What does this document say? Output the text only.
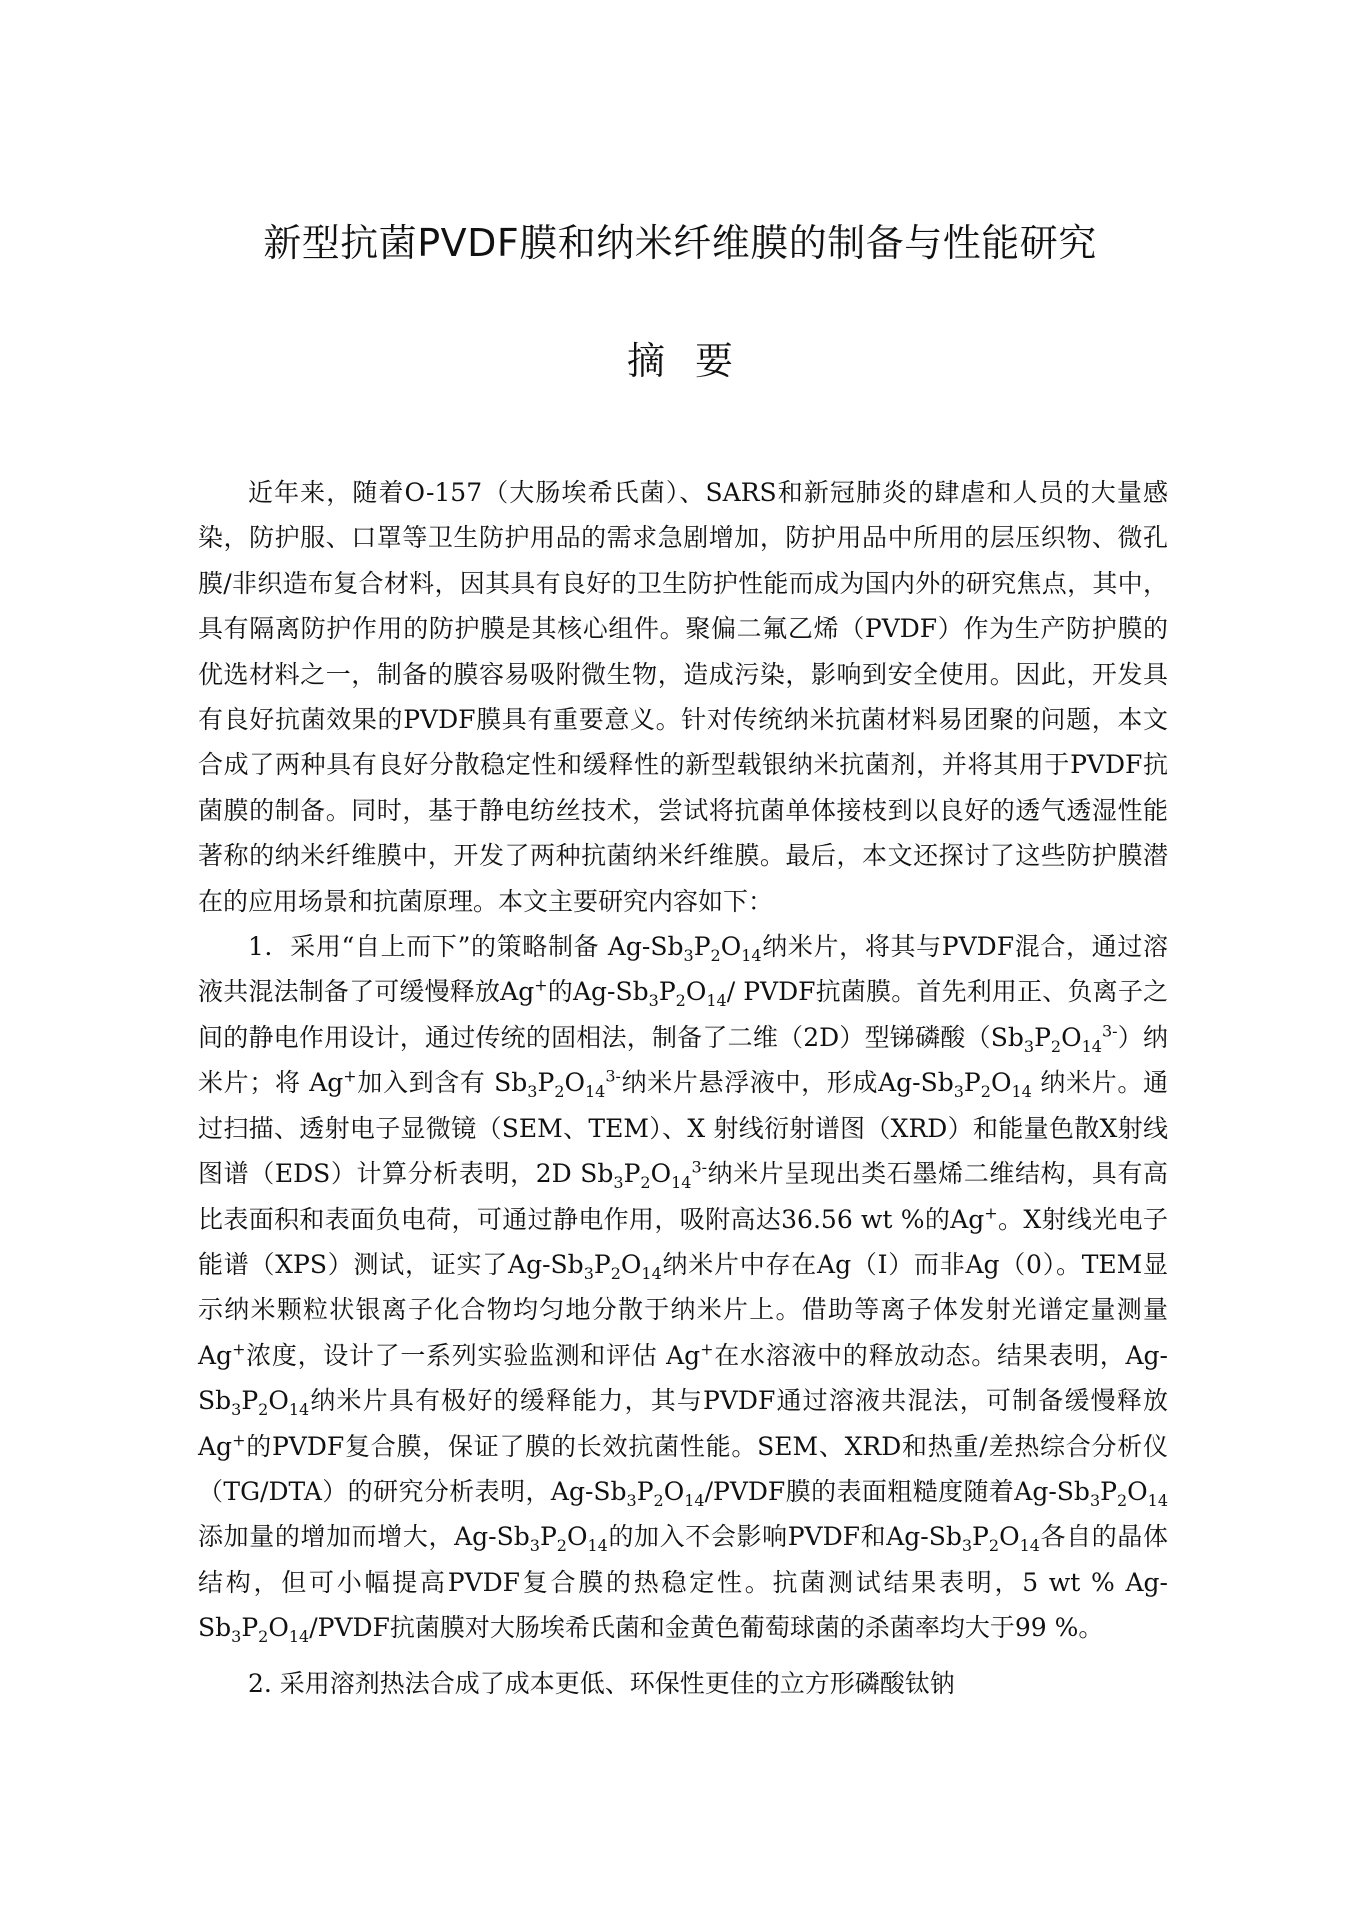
新型抗菌PVDF膜和纳米纤维膜的制备与性能研究
摘要

近年来，随着O-157（大肠埃希氏菌）、SARS和新冠肺炎的肆虐和人员的大量感染，防护服、口罩等卫生防护用品的需求急剧增加，防护用品中所用的层压织物、微孔膜/非织造布复合材料，因其具有良好的卫生防护性能而成为国内外的研究焦点，其中，具有隔离防护作用的防护膜是其核心组件。聚偏二氟乙烯（PVDF）作为生产防护膜的优选材料之一，制备的膜容易吸附微生物，造成污染，影响到安全使用。因此，开发具有良好抗菌效果的PVDF膜具有重要意义。针对传统纳米抗菌材料易团聚的问题，本文合成了两种具有良好分散稳定性和缓释性的新型载银纳米抗菌剂，并将其用于PVDF抗菌膜的制备。同时，基于静电纺丝技术，尝试将抗菌单体接枝到以良好的透气透湿性能著称的纳米纤维膜中，开发了两种抗菌纳米纤维膜。最后，本文还探讨了这些防护膜潜在的应用场景和抗菌原理。本文主要研究内容如下：

1．采用“自上而下”的策略制备 $Ag-Sb_3P_2O_{14}$纳米片，将其与PVDF混合，通过溶液共混法制备了可缓慢释放Ag+的$Ag-Sb_3P_2O_{14}/$ PVDF抗菌膜。首先利用正、负离子之间的静电作用设计，通过传统的固相法，制备了二维（2D）型锑磷酸$(Sb_3P_2O_{14}^{3-})$纳米片；将 Ag+加入到含有 $Sb_3P_2O_{14}^{3-}$纳米片悬浮液中，形成$Ag-Sb_3P_2O_{14}$ 纳米片。通过扫描、透射电子显微镜（SEM、TEM）、X 射线衍射谱图（XRD）和能量色散X射线图谱（EDS）计算分析表明，2D $Sb_3P_2O_{14}^{3-}$纳米片呈现出类石墨烯二维结构，具有高比表面积和表面负电荷，可通过静电作用，吸附高达36.56 wt %的Ag+。X射线光电子能谱（XPS）测试，证实了$Ag-Sb_3P_2O_{14}$纳米片中存在Ag（I）而非Ag（0）。TEM显示纳米颗粒状银离子化合物均匀地分散于纳米片上。借助等离子体发射光谱定量测量Ag+浓度，设计了一系列实验监测和评估 Ag+在水溶液中的释放动态。结果表明，$Ag-Sb_3P_2O_{14}$纳米片具有极好的缓释能力，其与PVDF通过溶液共混法，可制备缓慢释放Ag+的PVDF复合膜，保证了膜的长效抗菌性能。SEM、XRD和热重/差热综合分析仪（TG/DTA）的研究分析表明，$Ag-Sb_3P_2O_{14}$/PVDF膜的表面粗糙度随着$Ag-Sb_3P_2O_{14}$添加量的增加而增大，$Ag-Sb_3P_2O_{14}$的加入不会影响PVDF和$Ag-Sb_3P_2O_{14}$各自的晶体结构，但可小幅提高PVDF复合膜的热稳定性。抗菌测试结果表明，5 wt % $Ag-Sb_3P_2O_{14}$/PVDF抗菌膜对大肠埃希氏菌和金黄色葡萄球菌的杀菌率均大于99 %。

2. 采用溶剂热法合成了成本更低、环保性更佳的立方形磷酸钛钠
